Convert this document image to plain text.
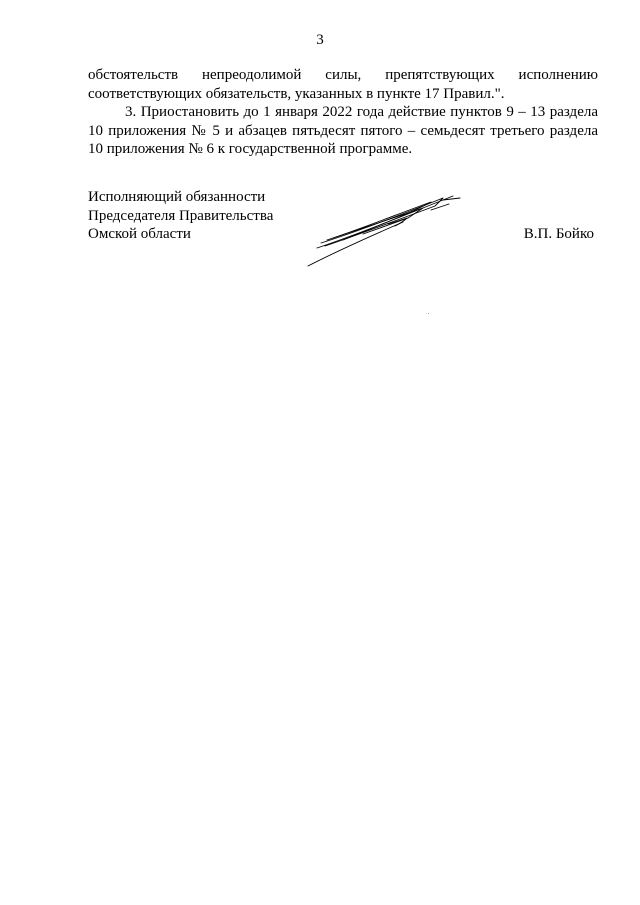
3

обстоятельств непреодолимой силы, препятствующих исполнению

соответствующих обязательств, указанных в пункте 17 Правил.".

3. Приостановить до 1 января 2022 года действие пунктов 9 – 13 раздела 10 приложения № 5 и абзацев пятьдесят пятого – семьдесят третьего раздела 10 приложения № 6 к государственной программе.

Исполняющий обязанности
Председателя Правительства
Омской области	В.П. Бойко
